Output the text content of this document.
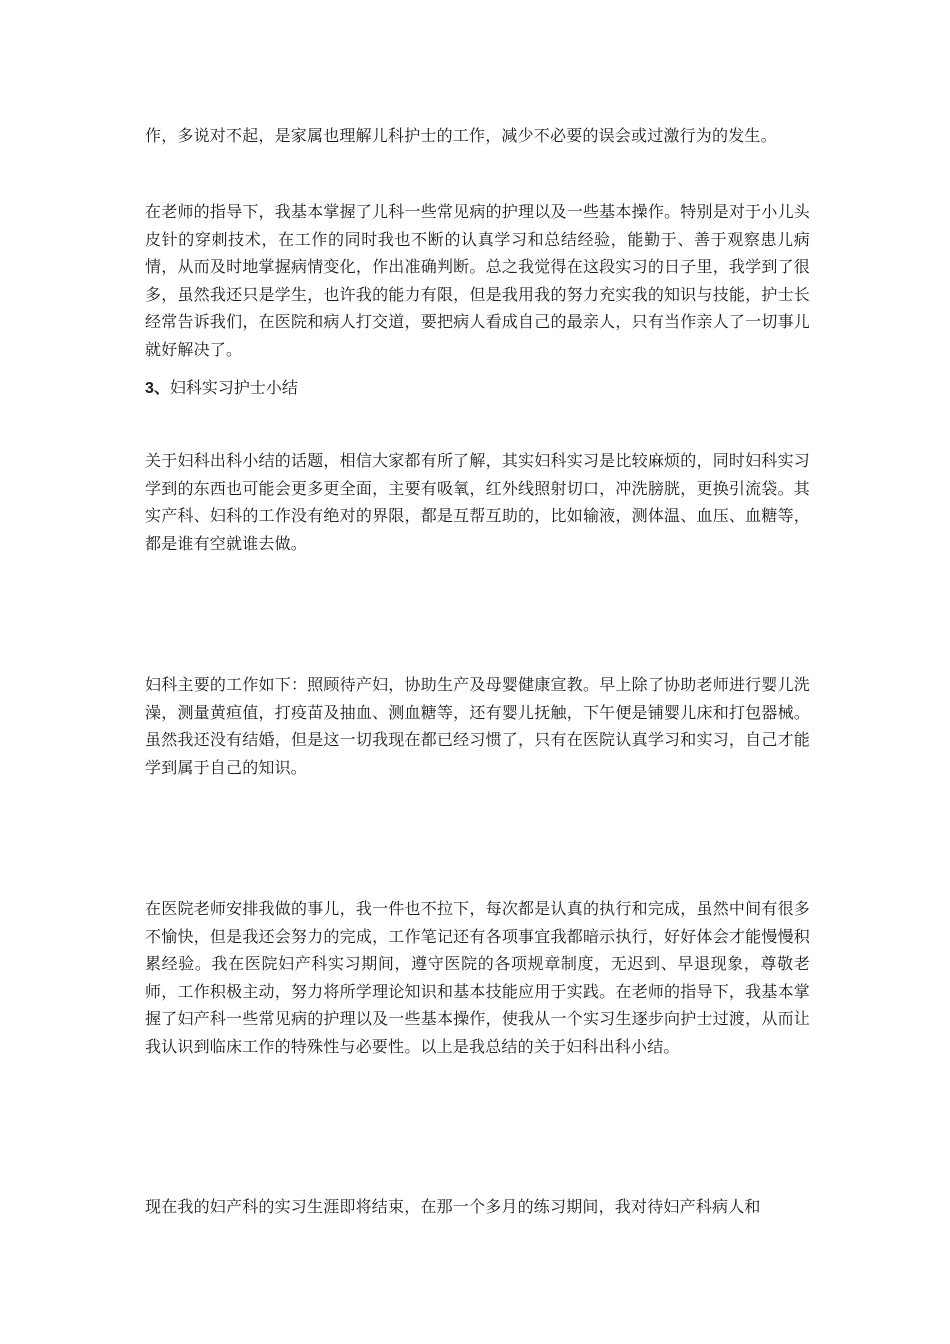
作，多说对不起，是家属也理解儿科护士的工作，减少不必要的误会或过激行为的发生。

在老师的指导下，我基本掌握了儿科一些常见病的护理以及一些基本操作。特别是对于小儿头皮针的穿刺技术，在工作的同时我也不断的认真学习和总结经验，能勤于、善于观察患儿病情，从而及时地掌握病情变化，作出准确判断。总之我觉得在这段实习的日子里，我学到了很多，虽然我还只是学生，也许我的能力有限，但是我用我的努力充实我的知识与技能，护士长经常告诉我们，在医院和病人打交道，要把病人看成自己的最亲人，只有当作亲人了一切事儿就好解决了。

3、妇科实习护士小结

关于妇科出科小结的话题，相信大家都有所了解，其实妇科实习是比较麻烦的，同时妇科实习学到的东西也可能会更多更全面，主要有吸氧，红外线照射切口，冲洗膀胱，更换引流袋。其实产科、妇科的工作没有绝对的界限，都是互帮互助的，比如输液，测体温、血压、血糖等，都是谁有空就谁去做。

妇科主要的工作如下：照顾待产妇，协助生产及母婴健康宣教。早上除了协助老师进行婴儿洗澡，测量黄疸值，打疫苗及抽血、测血糖等，还有婴儿抚触，下午便是铺婴儿床和打包器械。虽然我还没有结婚，但是这一切我现在都已经习惯了，只有在医院认真学习和实习，自己才能学到属于自己的知识。

在医院老师安排我做的事儿，我一件也不拉下，每次都是认真的执行和完成，虽然中间有很多不愉快，但是我还会努力的完成，工作笔记还有各项事宜我都暗示执行，好好体会才能慢慢积累经验。我在医院妇产科实习期间，遵守医院的各项规章制度，无迟到、早退现象，尊敬老师，工作积极主动，努力将所学理论知识和基本技能应用于实践。在老师的指导下，我基本掌握了妇产科一些常见病的护理以及一些基本操作，使我从一个实习生逐步向护士过渡，从而让我认识到临床工作的特殊性与必要性。以上是我总结的关于妇科出科小结。

现在我的妇产科的实习生涯即将结束，在那一个多月的练习期间，我对待妇产科病人和
